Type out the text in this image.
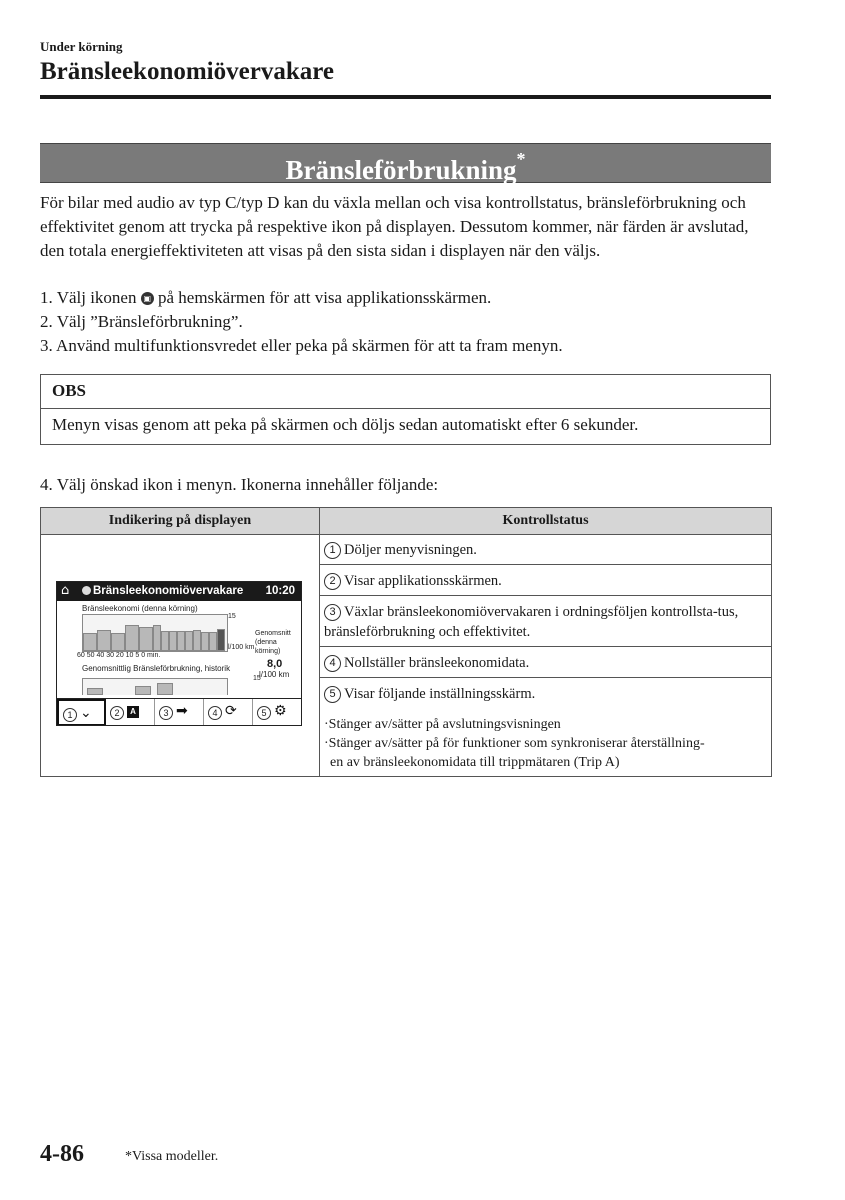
Under körning
Bränsleekonomiövervakare
Bränsleförbrukning*
För bilar med audio av typ C/typ D kan du växla mellan och visa kontrollstatus, bränsleförbrukning och effektivitet genom att trycka på respektive ikon på displayen. Dessutom kommer, när färden är avslutad, den totala energieffektiviteten att visas på den sista sidan i displayen när den väljs.
1. Välj ikonen ▣ på hemskärmen för att visa applikationsskärmen.
2. Välj ”Bränsleförbrukning”.
3. Använd multifunktionsvredet eller peka på skärmen för att ta fram menyn.
OBS
Menyn visas genom att peka på skärmen och döljs sedan automatiskt efter 6 sekunder.
4. Välj önskad ikon i menyn. Ikonerna innehåller följande:
Indikering på displayen	Kontrollstatus
1 Döljer menyvisningen.
2 Visar applikationsskärmen.
3 Växlar bränsleekonomiövervakaren i ordningsföljen kontrollsta-tus, bränsleförbrukning och effektivitet.
4 Nollställer bränsleekonomidata.
5 Visar följande inställningsskärm.
·Stänger av/sätter på avslutningsvisningen
·Stänger av/sätter på för funktioner som synkroniserar återställning-
en av bränsleekonomidata till trippmätaren (Trip A)
⌂ Bränsleekonomiövervakare 10:20
Bränsleekonomi (denna körning)
15
l/100 km
60 50 40 30 20 10 5 0 min.
Genomsnitt
(denna
körning)
8,0
l/100 km
Genomsnittlig Bränsleförbrukning, historik
15
1 ⌄	2	A	3 ➡	4 ⟳	5 ⚙
4-86	*Vissa modeller.
